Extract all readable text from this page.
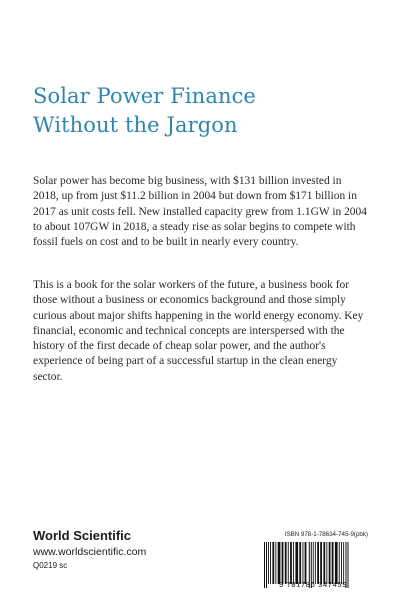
Solar Power Finance
Without the Jargon

Solar power has become big business, with $131 billion invested in 2018, up from just $11.2 billion in 2004 but down from $171 billion in 2017 as unit costs fell. New installed capacity grew from 1.1GW in 2004 to about 107GW in 2018, a steady rise as solar begins to compete with fossil fuels on cost and to be built in nearly every country.

This is a book for the solar workers of the future, a business book for those without a business or economics background and those simply curious about major shifts happening in the world energy economy. Key financial, economic and technical concepts are interspersed with the history of the first decade of cheap solar power, and the author's experience of being part of a successful startup in the clean energy sector.

World Scientific
www.worldscientific.com
Q0219 sc
ISBN 978-1-78634-745-9(pbk)
9 781786 347459
